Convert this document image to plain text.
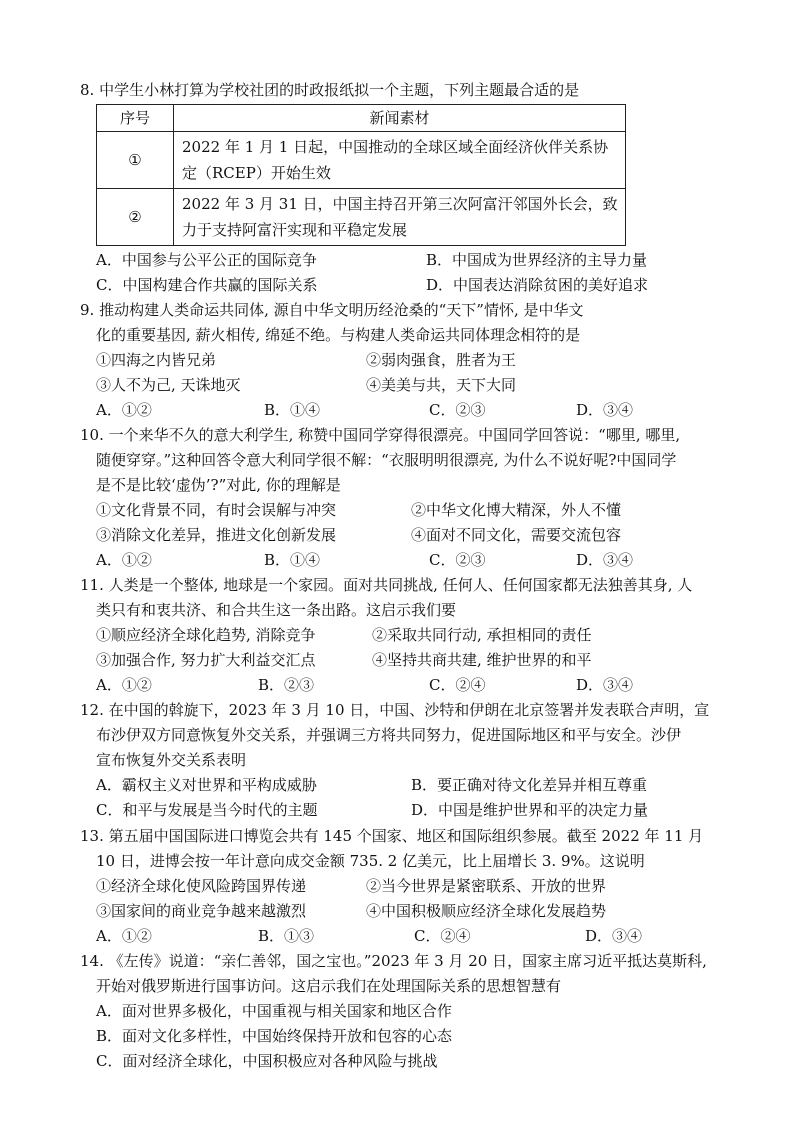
8. 中学生小林打算为学校社团的时政报纸拟一个主题，下列主题最合适的是
序号	新闻素材
①	2022 年 1 月 1 日起，中国推动的全球区域全面经济伙伴关系协定（RCEP）开始生效
②	2022 年 3 月 31 日，中国主持召开第三次阿富汗邻国外长会，致力于支持阿富汗实现和平稳定发展
A．中国参与公平公正的国际竞争	B．中国成为世界经济的主导力量
C．中国构建合作共赢的国际关系	D．中国表达消除贫困的美好追求
9. 推动构建人类命运共同体, 源自中华文明历经沧桑的“天下”情怀, 是中华文
化的重要基因, 薪火相传, 绵延不绝。与构建人类命运共同体理念相符的是
①四海之内皆兄弟	②弱肉强食，胜者为王
③人不为己, 天诛地灭	④美美与共，天下大同
A．①②	B．①④	C．②③	D．③④
10. 一个来华不久的意大利学生, 称赞中国同学穿得很漂亮。中国同学回答说：“哪里, 哪里,
随便穿穿。”这种回答令意大利同学很不解：“衣服明明很漂亮, 为什么不说好呢?中国同学
是不是比较‘虚伪’?”对此, 你的理解是
①文化背景不同，有时会误解与冲突	②中华文化博大精深，外人不懂
③消除文化差异，推进文化创新发展	④面对不同文化，需要交流包容
A．①②	B．①④	C．②③	D．③④
11. 人类是一个整体, 地球是一个家园。面对共同挑战, 任何人、任何国家都无法独善其身, 人
类只有和衷共济、和合共生这一条出路。这启示我们要
①顺应经济全球化趋势, 消除竞争	②采取共同行动, 承担相同的责任
③加强合作, 努力扩大利益交汇点	④坚持共商共建, 维护世界的和平
A．①②	B．②③	C．②④	D．③④
12. 在中国的斡旋下，2023 年 3 月 10 日，中国、沙特和伊朗在北京签署并发表联合声明，宣
布沙伊双方同意恢复外交关系，并强调三方将共同努力，促进国际地区和平与安全。沙伊
宣布恢复外交关系表明
A．霸权主义对世界和平构成威胁	B．要正确对待文化差异并相互尊重
C．和平与发展是当今时代的主题	D．中国是维护世界和平的决定力量
13. 第五届中国国际进口博览会共有 145 个国家、地区和国际组织参展。截至 2022 年 11 月
10 日，进博会按一年计意向成交金额 735. 2 亿美元，比上届增长 3. 9%。这说明
①经济全球化使风险跨国界传递	②当今世界是紧密联系、开放的世界
③国家间的商业竞争越来越激烈	④中国积极顺应经济全球化发展趋势
A．①②	B．①③	C．②④	D．③④
14. 《左传》说道：“亲仁善邻，国之宝也。”2023 年 3 月 20 日，国家主席习近平抵达莫斯科,
开始对俄罗斯进行国事访问。这启示我们在处理国际关系的思想智慧有
A．面对世界多极化，中国重视与相关国家和地区合作
B．面对文化多样性，中国始终保持开放和包容的心态
C．面对经济全球化，中国积极应对各种风险与挑战
